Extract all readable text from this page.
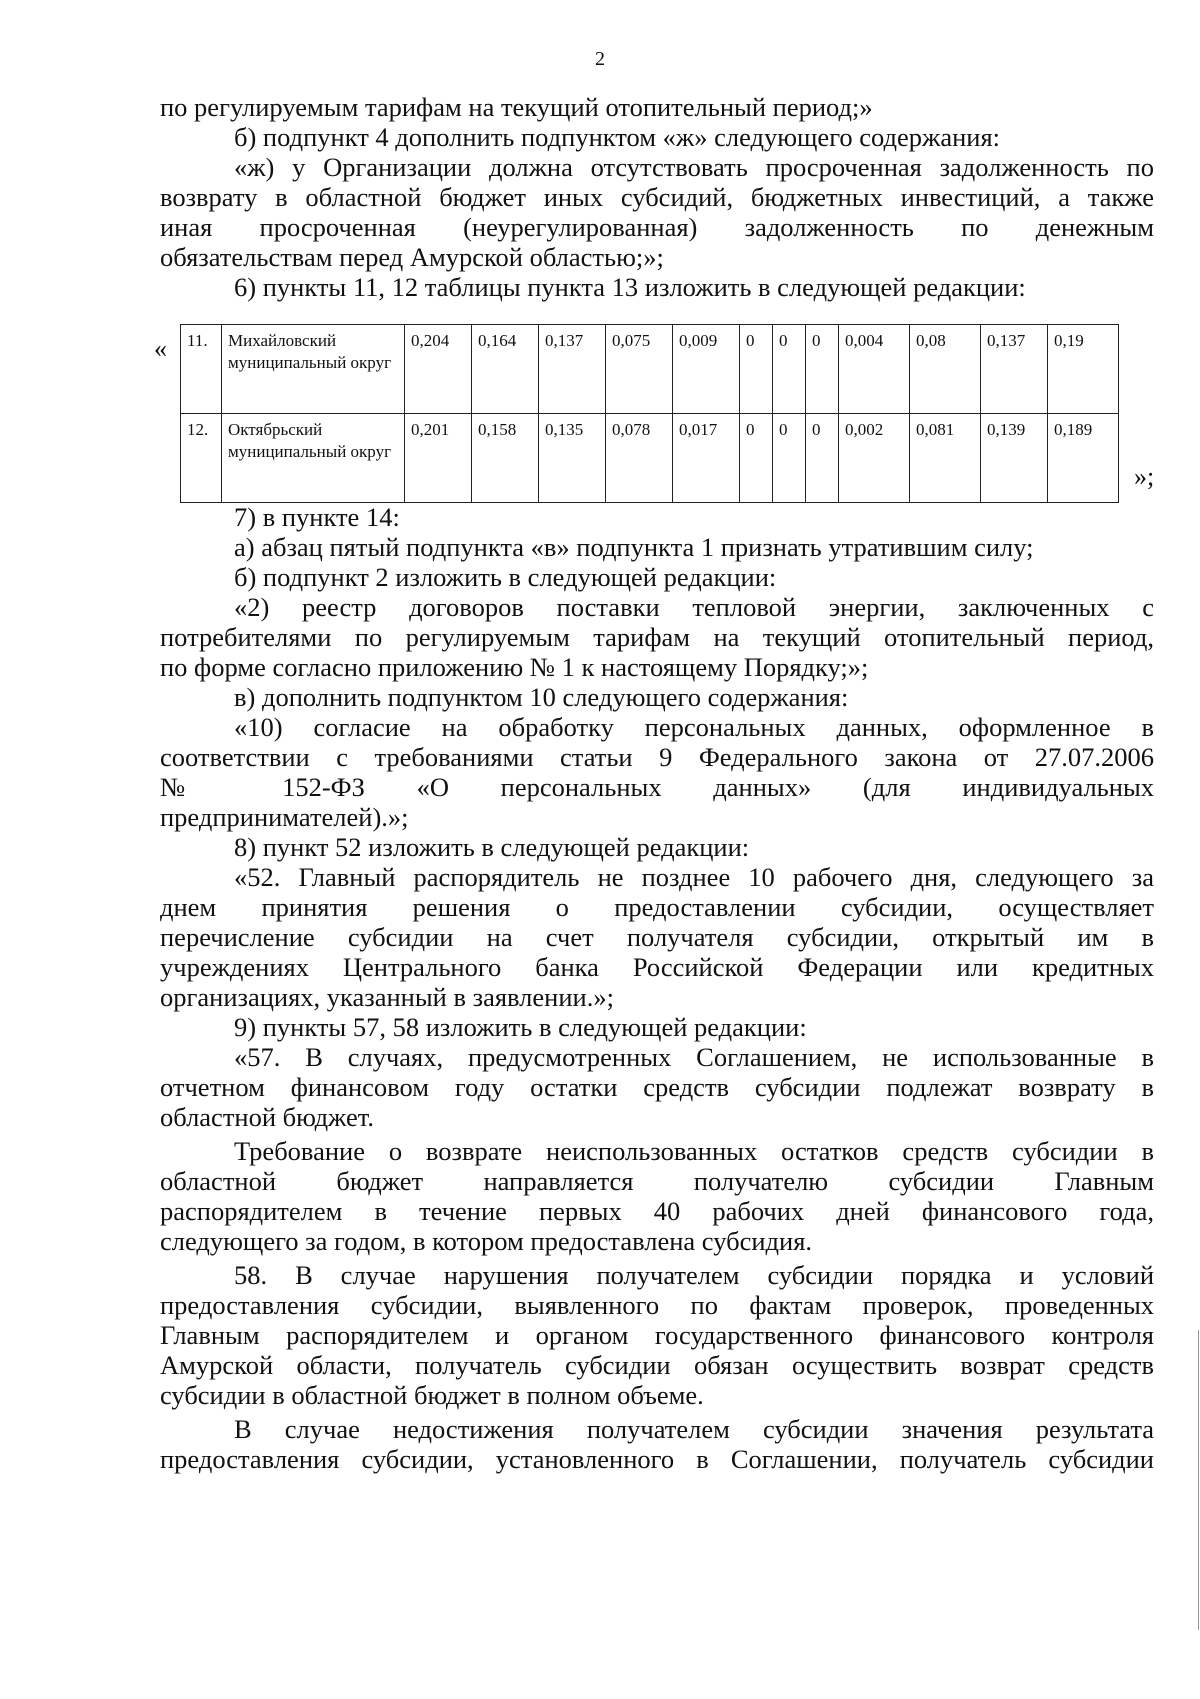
2
по регулируемым тарифам на текущий отопительный период;»
б) подпункт 4 дополнить подпунктом «ж» следующего содержания:
«ж) у Организации должна отсутствовать просроченная задолженность по
возврату в областной бюджет иных субсидий, бюджетных инвестиций, а также
иная просроченная (неурегулированная) задолженность по денежным
обязательствам перед Амурской областью;»;
6) пункты 11, 12 таблицы пункта 13 изложить в следующей редакции:
« 11.	Михайловский муниципальный округ	0,204	0,164	0,137	0,075	0,009	0	0	0	0,004	0,08	0,137	0,19
12.	Октябрьский муниципальный округ	0,201	0,158	0,135	0,078	0,017	0	0	0	0,002	0,081	0,139	0,189
»;
7) в пункте 14:
а) абзац пятый подпункта «в» подпункта 1 признать утратившим силу;
б) подпункт 2 изложить в следующей редакции:
«2) реестр договоров поставки тепловой энергии, заключенных с
потребителями по регулируемым тарифам на текущий отопительный период,
по форме согласно приложению № 1 к настоящему Порядку;»;
в) дополнить подпунктом 10 следующего содержания:
«10) согласие на обработку персональных данных, оформленное в
соответствии с требованиями статьи 9 Федерального закона от 27.07.2006
№ 152-ФЗ «О персональных данных» (для индивидуальных
предпринимателей).»;
8) пункт 52 изложить в следующей редакции:
«52. Главный распорядитель не позднее 10 рабочего дня, следующего за
днем принятия решения о предоставлении субсидии, осуществляет
перечисление субсидии на счет получателя субсидии, открытый им в
учреждениях Центрального банка Российской Федерации или кредитных
организациях, указанный в заявлении.»;
9) пункты 57, 58 изложить в следующей редакции:
«57. В случаях, предусмотренных Соглашением, не использованные в
отчетном финансовом году остатки средств субсидии подлежат возврату в
областной бюджет.
Требование о возврате неиспользованных остатков средств субсидии в
областной бюджет направляется получателю субсидии Главным
распорядителем в течение первых 40 рабочих дней финансового года,
следующего за годом, в котором предоставлена субсидия.
58. В случае нарушения получателем субсидии порядка и условий
предоставления субсидии, выявленного по фактам проверок, проведенных
Главным распорядителем и органом государственного финансового контроля
Амурской области, получатель субсидии обязан осуществить возврат средств
субсидии в областной бюджет в полном объеме.
В случае недостижения получателем субсидии значения результата
предоставления субсидии, установленного в Соглашении, получатель субсидии
